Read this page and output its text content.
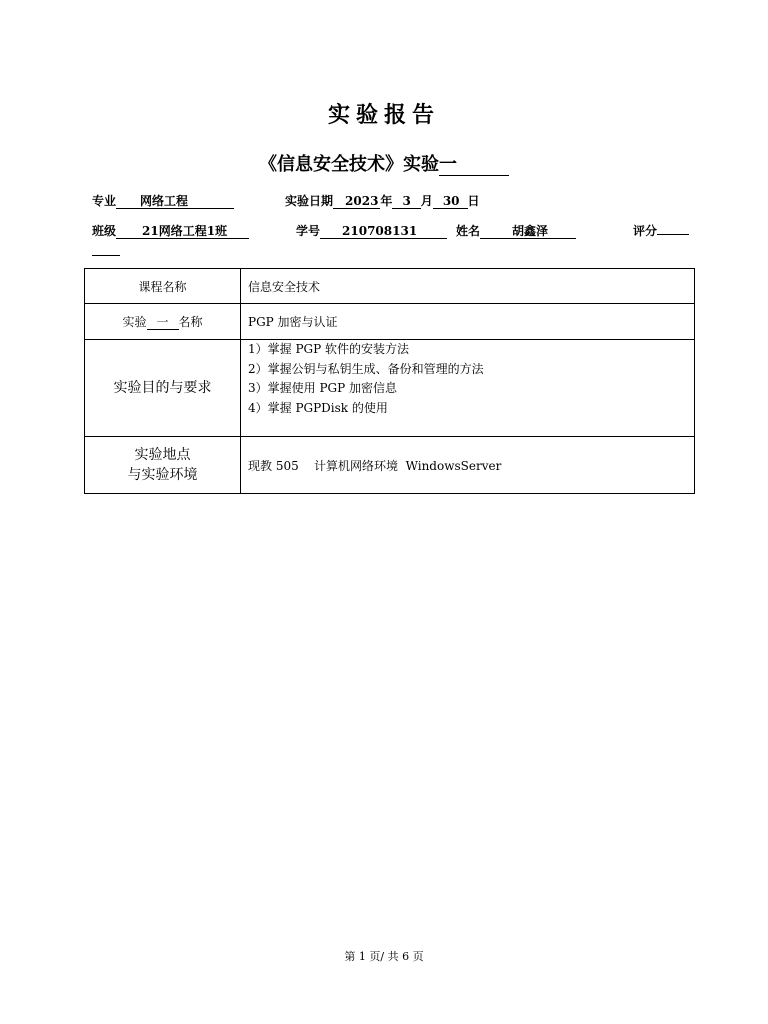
实验报告
《信息安全技术》实验一
专业 网络工程	实验日期 2023 年 3 月 30 日
班级 21网络工程1班	学号 210708131	姓名	胡鑫泽	评分
课程名称	信息安全技术
实验 一 名称	PGP 加密与认证
实验目的与要求	1）掌握 PGP 软件的安装方法
2）掌握公钥与私钥生成、备份和管理的方法
3）掌握使用 PGP 加密信息
4）掌握 PGPDisk 的使用

实验地点
与实验环境	现教 505    计算机网络环境  WindowsServer
第 1 页/ 共 6 页
